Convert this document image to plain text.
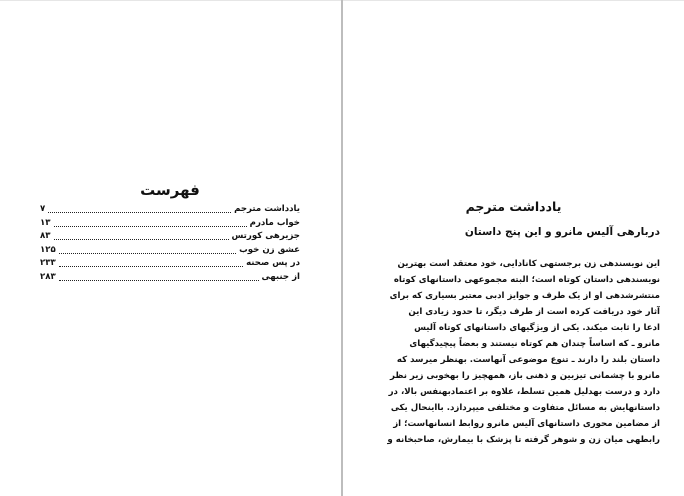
فهرست
یادداشت مترجم
۷
خواب مادرم
۱۳
جزیرهی کورتس
۸۳
عشق زن خوب
۱۲۵
در پس صحنه
۲۳۳
از جنبهی
۲۸۳
یادداشت مترجم
دربارهی آلیس مانرو و این پنج داستان
این نویسندهی زن برجستهی کانادایی، خود معتقد است بهترین
نویسندهی داستان کوتاه است؛ البته مجموعهی داستانهای کوتاه
منتشرشدهی او از یک طرف و جوایز ادبی معتبر بسیاری که برای
آثار خود دریافت کرده است از طرف دیگر، تا حدود زیادی این
ادعا را ثابت میکند. یکی از ویژگیهای داستانهای کوتاه آلیس
مانرو ـ که اساساً چندان هم کوتاه نیستند و بعضاً پیچیدگیهای
داستان بلند را دارند ـ تنوع موضوعی آنهاست. بهنظر میرسد که
مانرو با چشمانی تیزبین و ذهنی باز، همهچیز را بهخوبی زیر نظر
دارد و درست بهدلیل همین تسلط، علاوه بر اعتمادبهنفس بالا، در
داستانهایش به مسائل متفاوت و مختلفی میپردازد. بااینحال یکی
از مضامین محوری داستانهای آلیس مانرو روابط انسانهاست؛ از
رابطهی میان زن و شوهر گرفته تا پزشک با بیمارش، صاحبخانه و
